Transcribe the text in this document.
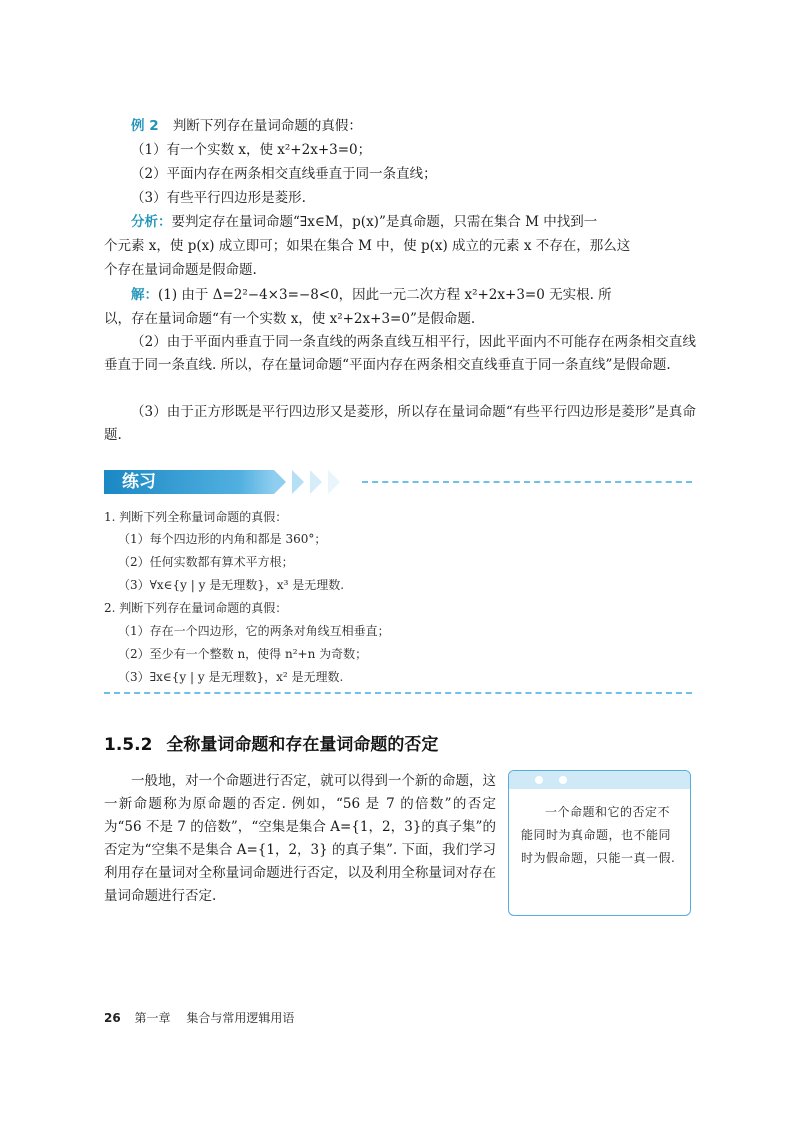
例 2 判断下列存在量词命题的真假：
（1）有一个实数 x，使 x²+2x+3=0；
（2）平面内存在两条相交直线垂直于同一条直线；
（3）有些平行四边形是菱形.
分析：要判定存在量词命题“∃x∈M，p(x)”是真命题，只需在集合 M 中找到一
个元素 x，使 p(x) 成立即可；如果在集合 M 中，使 p(x) 成立的元素 x 不存在，那么这
个存在量词命题是假命题.
解：(1) 由于 Δ=2²−4×3=−8<0，因此一元二次方程 x²+2x+3=0 无实根. 所
以，存在量词命题“有一个实数 x，使 x²+2x+3=0”是假命题.
（2）由于平面内垂直于同一条直线的两条直线互相平行，因此平面内不可能存在两条相交直线垂直于同一条直线. 所以，存在量词命题“平面内存在两条相交直线垂直于同一条直线”是假命题.
（3）由于正方形既是平行四边形又是菱形，所以存在量词命题“有些平行四边形是菱形”是真命题.
练习
1. 判断下列全称量词命题的真假：
（1）每个四边形的内角和都是 360°；
（2）任何实数都有算术平方根；
（3）∀x∈{y | y 是无理数}，x³ 是无理数.
2. 判断下列存在量词命题的真假：
（1）存在一个四边形，它的两条对角线互相垂直；
（2）至少有一个整数 n，使得 n²+n 为奇数；
（3）∃x∈{y | y 是无理数}，x² 是无理数.
1.5.2 全称量词命题和存在量词命题的否定
一般地，对一个命题进行否定，就可以得到一个新的命题，这一新命题称为原命题的否定. 例如，“56 是 7 的倍数”的否定为“56 不是 7 的倍数”，“空集是集合 A={1，2，3}的真子集”的否定为“空集不是集合 A={1，2，3} 的真子集”. 下面，我们学习利用存在量词对全称量词命题进行否定，以及利用全称量词对存在量词命题进行否定.
一个命题和它的否定不能同时为真命题，也不能同时为假命题，只能一真一假.
26 第一章 集合与常用逻辑用语
